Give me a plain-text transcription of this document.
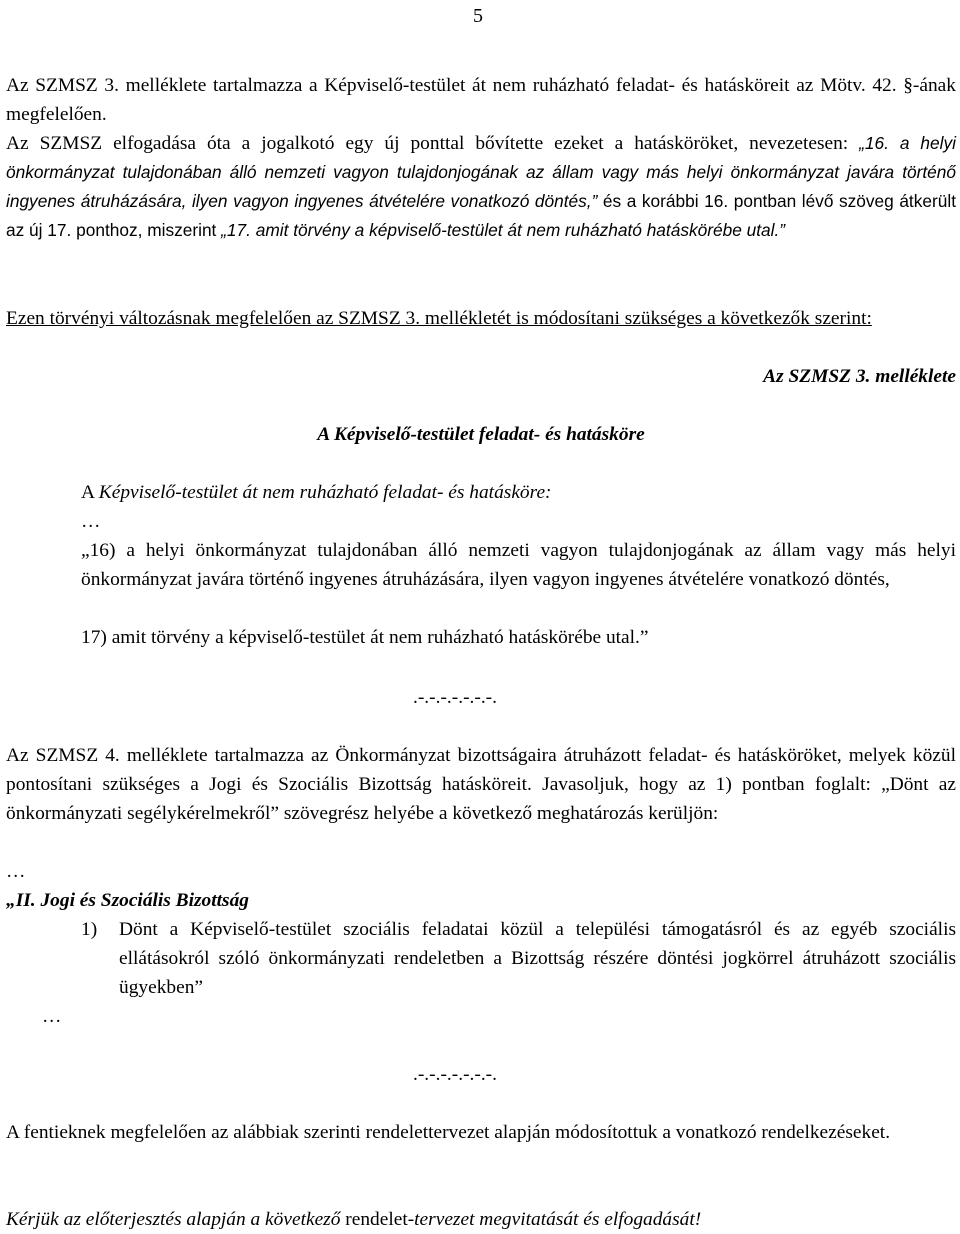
5
Az SZMSZ 3. melléklete tartalmazza a Képviselő-testület át nem ruházható feladat- és hatásköreit az Mötv. 42. §-ának megfelelően.
Az SZMSZ elfogadása óta a jogalkotó egy új ponttal bővítette ezeket a hatásköröket, nevezetesen: „16. a helyi önkormányzat tulajdonában álló nemzeti vagyon tulajdonjogának az állam vagy más helyi önkormányzat javára történő ingyenes átruházására, ilyen vagyon ingyenes átvételére vonatkozó döntés,” és a korábbi 16. pontban lévő szöveg átkerült az új 17. ponthoz, miszerint „17. amit törvény a képviselő-testület át nem ruházható hatáskörébe utal.”
Ezen törvényi változásnak megfelelően az SZMSZ 3. mellékletét is módosítani szükséges a következők szerint:
Az SZMSZ 3. melléklete
A Képviselő-testület feladat- és hatásköre
A Képviselő-testület át nem ruházható feladat- és hatásköre:
…
„16) a helyi önkormányzat tulajdonában álló nemzeti vagyon tulajdonjogának az állam vagy más helyi önkormányzat javára történő ingyenes átruházására, ilyen vagyon ingyenes átvételére vonatkozó döntés,
17) amit törvény a képviselő-testület át nem ruházható hatáskörébe utal.”
.-.-.-.-.-.-.-.
Az SZMSZ 4. melléklete tartalmazza az Önkormányzat bizottságaira átruházott feladat- és hatásköröket, melyek közül pontosítani szükséges a Jogi és Szociális Bizottság hatásköreit. Javasoljuk, hogy az 1) pontban foglalt: „Dönt az önkormányzati segélykérelmekről” szövegrész helyébe a következő meghatározás kerüljön:
…
„II. Jogi és Szociális Bizottság
1)	Dönt a Képviselő-testület szociális feladatai közül a települési támogatásról és az egyéb szociális ellátásokról szóló önkormányzati rendeletben a Bizottság részére döntési jogkörrel átruházott szociális ügyekben”
…
.-.-.-.-.-.-.-.
A fentieknek megfelelően az alábbiak szerinti rendelettervezet alapján módosítottuk a vonatkozó rendelkezéseket.
Kérjük az előterjesztés alapján a következő rendelet-tervezet megvitatását és elfogadását!
